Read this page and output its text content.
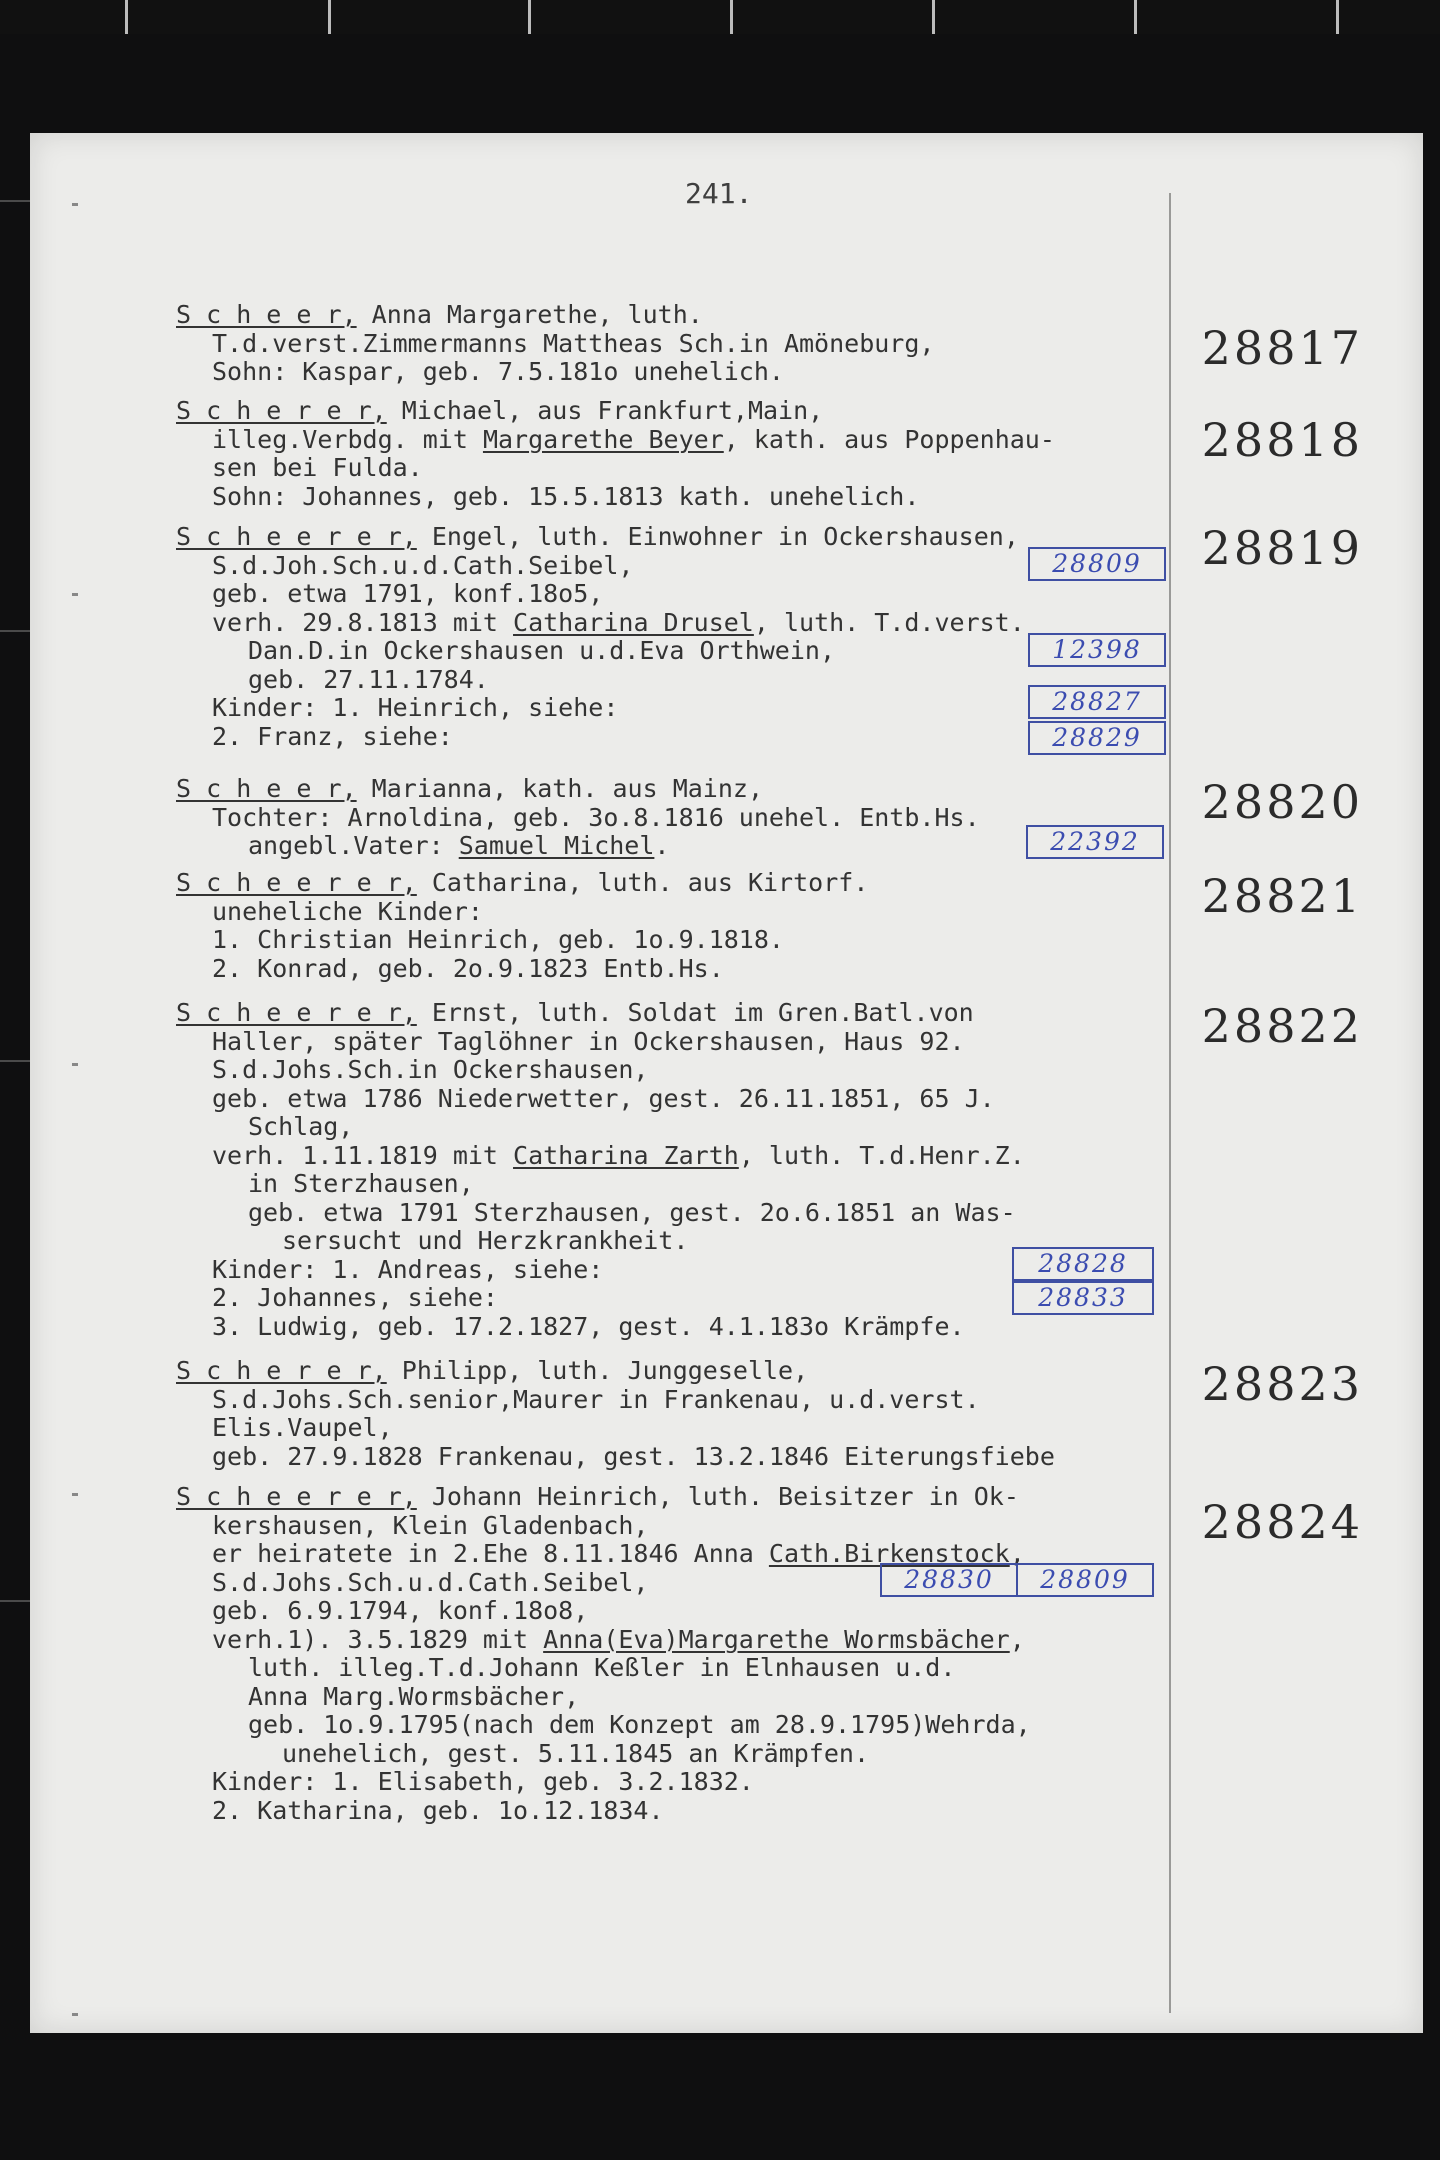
241.
S c h e e r, Anna Margarethe, luth.
T.d.verst.Zimmermanns Mattheas Sch.in Amöneburg,
Sohn: Kaspar, geb. 7.5.181o unehelich.	28817
S c h e r e r, Michael, aus Frankfurt,Main,
illeg.Verbdg. mit Margarethe Beyer, kath. aus Poppenhau-
sen bei Fulda.
Sohn: Johannes, geb. 15.5.1813 kath. unehelich.
28818
S c h e e r e r, Engel, luth. Einwohner in Ockershausen,
S.d.Joh.Sch.u.d.Cath.Seibel,
geb. etwa 1791, konf.18o5,
verh. 29.8.1813 mit Catharina Drusel, luth. T.d.verst.
Dan.D.in Ockershausen u.d.Eva Orthwein,
geb. 27.11.1784.
Kinder: 1. Heinrich, siehe:
2. Franz, siehe:
28819
28809
12398
28827
28829
S c h e e r, Marianna, kath. aus Mainz,
Tochter: Arnoldina, geb. 3o.8.1816 unehel. Entb.Hs.
angebl.Vater: Samuel Michel.
28820
22392
S c h e e r e r, Catharina, luth. aus Kirtorf.
uneheliche Kinder:
1. Christian Heinrich, geb. 1o.9.1818.
2. Konrad, geb. 2o.9.1823 Entb.Hs.
28821
S c h e e r e r, Ernst, luth. Soldat im Gren.Batl.von
Haller, später Taglöhner in Ockershausen, Haus 92.
S.d.Johs.Sch.in Ockershausen,
geb. etwa 1786 Niederwetter, gest. 26.11.1851, 65 J.
Schlag,
verh. 1.11.1819 mit Catharina Zarth, luth. T.d.Henr.Z.
in Sterzhausen,
geb. etwa 1791 Sterzhausen, gest. 2o.6.1851 an Was-
sersucht und Herzkrankheit.
Kinder: 1. Andreas, siehe:
2. Johannes, siehe:
3. Ludwig, geb. 17.2.1827, gest. 4.1.183o Krämpfe.
28822
28828
28833
S c h e r e r, Philipp, luth. Junggeselle,
S.d.Johs.Sch.senior,Maurer in Frankenau, u.d.verst.
Elis.Vaupel,
geb. 27.9.1828 Frankenau, gest. 13.2.1846 Eiterungsfiebe
28823
S c h e e r e r, Johann Heinrich, luth. Beisitzer in Ok-
kershausen, Klein Gladenbach,
er heiratete in 2.Ehe 8.11.1846 Anna Cath.Birkenstock,
S.d.Johs.Sch.u.d.Cath.Seibel,
geb. 6.9.1794, konf.18o8,
verh.1). 3.5.1829 mit Anna(Eva)Margarethe Wormsbächer,
luth. illeg.T.d.Johann Keßler in Elnhausen u.d.
Anna Marg.Wormsbächer,
geb. 1o.9.1795(nach dem Konzept am 28.9.1795)Wehrda,
unehelich, gest. 5.11.1845 an Krämpfen.
Kinder: 1. Elisabeth, geb. 3.2.1832.
2. Katharina, geb. 1o.12.1834.
28824
28830	28809
